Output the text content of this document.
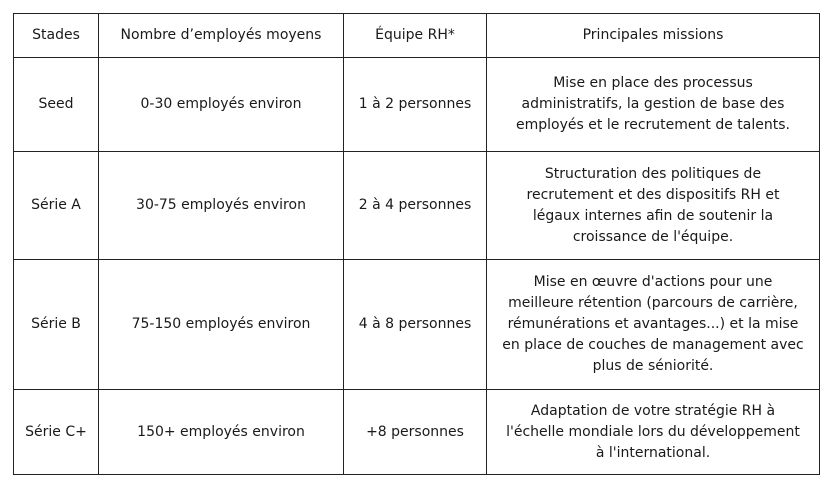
Stades	Nombre d’employés moyens	Équipe RH*	Principales missions
Seed	0-30 employés environ	1 à 2 personnes	Mise en place des processus administratifs, la gestion de base des employés et le recrutement de talents.
Série A	30-75 employés environ	2 à 4 personnes	Structuration des politiques de recrutement et des dispositifs RH et légaux internes afin de soutenir la croissance de l'équipe.
Série B	75-150 employés environ	4 à 8 personnes	Mise en œuvre d'actions pour une meilleure rétention (parcours de carrière, rémunérations et avantages...) et la mise en place de couches de management avec plus de séniorité.
Série C+	150+ employés environ	+8 personnes	Adaptation de votre stratégie RH à l'échelle mondiale lors du développement à l'international.
